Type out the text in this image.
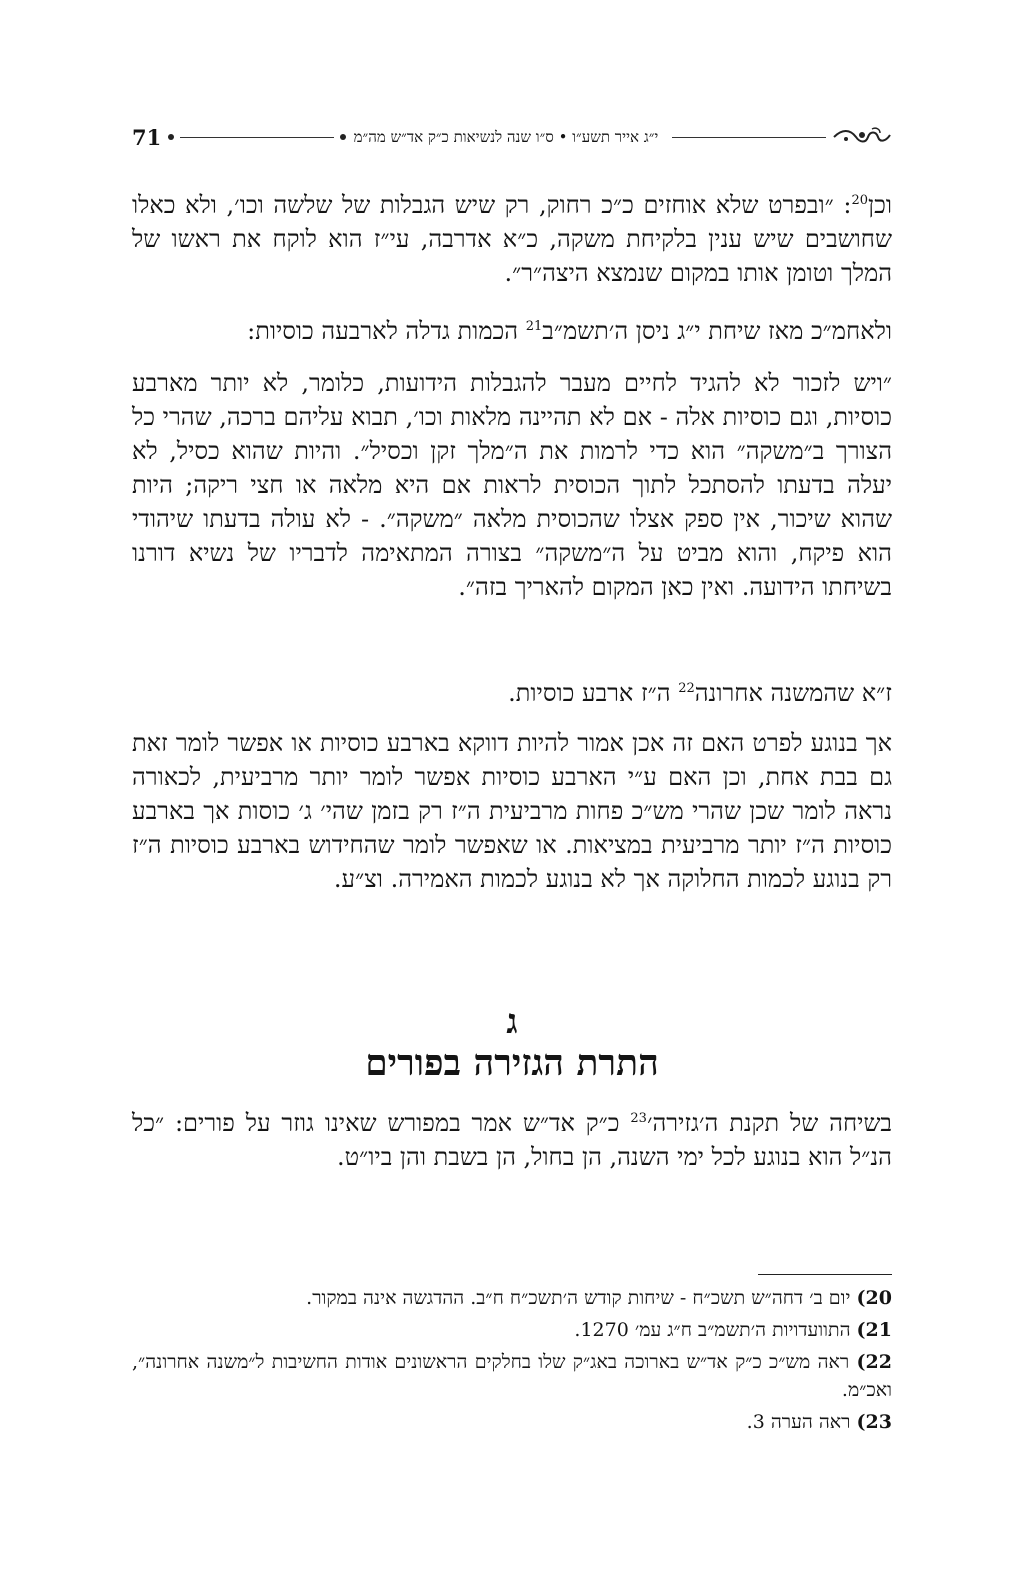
71	י״ג אייר תשע״ו • ס״ו שנה לנשיאות כ״ק אד״ש מה״מ

וכן$^{20}$: ״ובפרט שלא אוחזים כ״כ רחוק, רק שיש הגבלות של שלשה וכו׳, ולא כאלו שחושבים שיש ענין בלקיחת משקה, כ״א אדרבה, עי״ז הוא לוקח את ראשו של המלך וטומן אותו במקום שנמצא היצה״ר״.

ולאחמ״כ מאז שיחת י״ג ניסן ה׳תשמ״ב$^{21}$ הכמות גדלה לארבעה כוסיות:

״ויש לזכור לא להגיד לחיים מעבר להגבלות הידועות, כלומר, לא יותר מארבע כוסיות, וגם כוסיות אלה - אם לא תהיינה מלאות וכו׳, תבוא עליהם ברכה, שהרי כל הצורך ב״משקה״ הוא כדי לרמות את ה״מלך זקן וכסיל״. והיות שהוא כסיל, לא יעלה בדעתו להסתכל לתוך הכוסית לראות אם היא מלאה או חצי ריקה; היות שהוא שיכור, אין ספק אצלו שהכוסית מלאה ״משקה״. - לא עולה בדעתו שיהודי הוא פיקח, והוא מביט על ה״משקה״ בצורה המתאימה לדבריו של נשיא דורנו בשיחתו הידועה. ואין כאן המקום להאריך בזה״.

ז״א שהמשנה אחרונה$^{22}$ ה״ז ארבע כוסיות.

אך בנוגע לפרט האם זה אכן אמור להיות דווקא בארבע כוסיות או אפשר לומר זאת גם בבת אחת, וכן האם ע״י הארבע כוסיות אפשר לומר יותר מרביעית, לכאורה נראה לומר שכן שהרי מש״כ פחות מרביעית ה״ז רק בזמן שהי׳ ג׳ כוסות אך בארבע כוסיות ה״ז יותר מרביעית במציאות. או שאפשר לומר שהחידוש בארבע כוסיות ה״ז רק בנוגע לכמות החלוקה אך לא בנוגע לכמות האמירה. וצ״ע.

ג
התרת הגזירה בפורים

בשיחה של תקנת ה׳גזירה׳$^{23}$ כ״ק אד״ש אמר במפורש שאינו גוזר על פורים: ״כל הנ״ל הוא בנוגע לכל ימי השנה, הן בחול, הן בשבת והן ביו״ט.

20) יום ב׳ דחה״ש תשכ״ח - שיחות קודש ה׳תשכ״ח ח״ב. ההדגשה אינה במקור.

21) התוועדויות ה׳תשמ״ב ח״ג עמ׳ 1270.

22) ראה מש״כ כ״ק אד״ש בארוכה באג״ק שלו בחלקים הראשונים אודות החשיבות ל״משנה אחרונה״, ואכ״מ.

23) ראה הערה 3.
